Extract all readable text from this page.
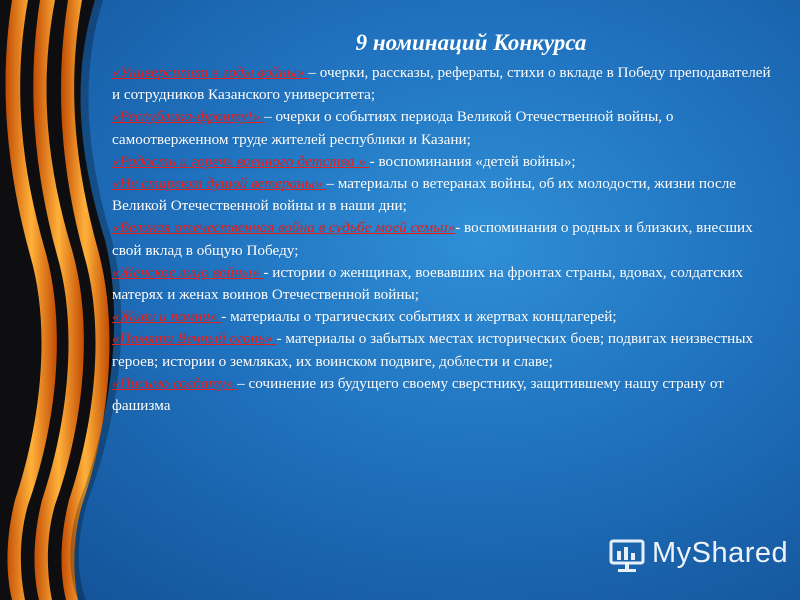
9 номинаций Конкурса

«Университет в годы войны» – очерки, рассказы, рефераты, стихи о вкладе в Победу преподавателей и сотрудников Казанского университета;

«Республика-фронту!» – очерки о событиях периода Великой Отечественной войны, о самоотверженном труде жителей республики и Казани;

«Радость и горечь военного детства » - воспоминания «детей войны»;

«Не стареют душой ветераны» – материалы о ветеранах войны, об их молодости, жизни после Великой Отечественной войны и в наши дни;

«Великая отечественная война в судьбе моей семьи»- воспоминания о родных и близких, внесших свой вклад в общую Победу;

«Женское лицо войны» - истории о женщинах, воевавших на фронтах страны, вдовах, солдатских матерях и женах воинов Отечественной войны;

«Живи и помни» - материалы о трагических событиях и жертвах концлагерей;

«Памяти Вечный огонь» - материалы о забытых местах исторических боев; подвигах неизвестных героев; истории о земляках, их воинском подвиге, доблести и славе;

«Письмо солдату» – сочинение из будущего своему сверстнику, защитившему нашу страну от фашизма

MyShared
